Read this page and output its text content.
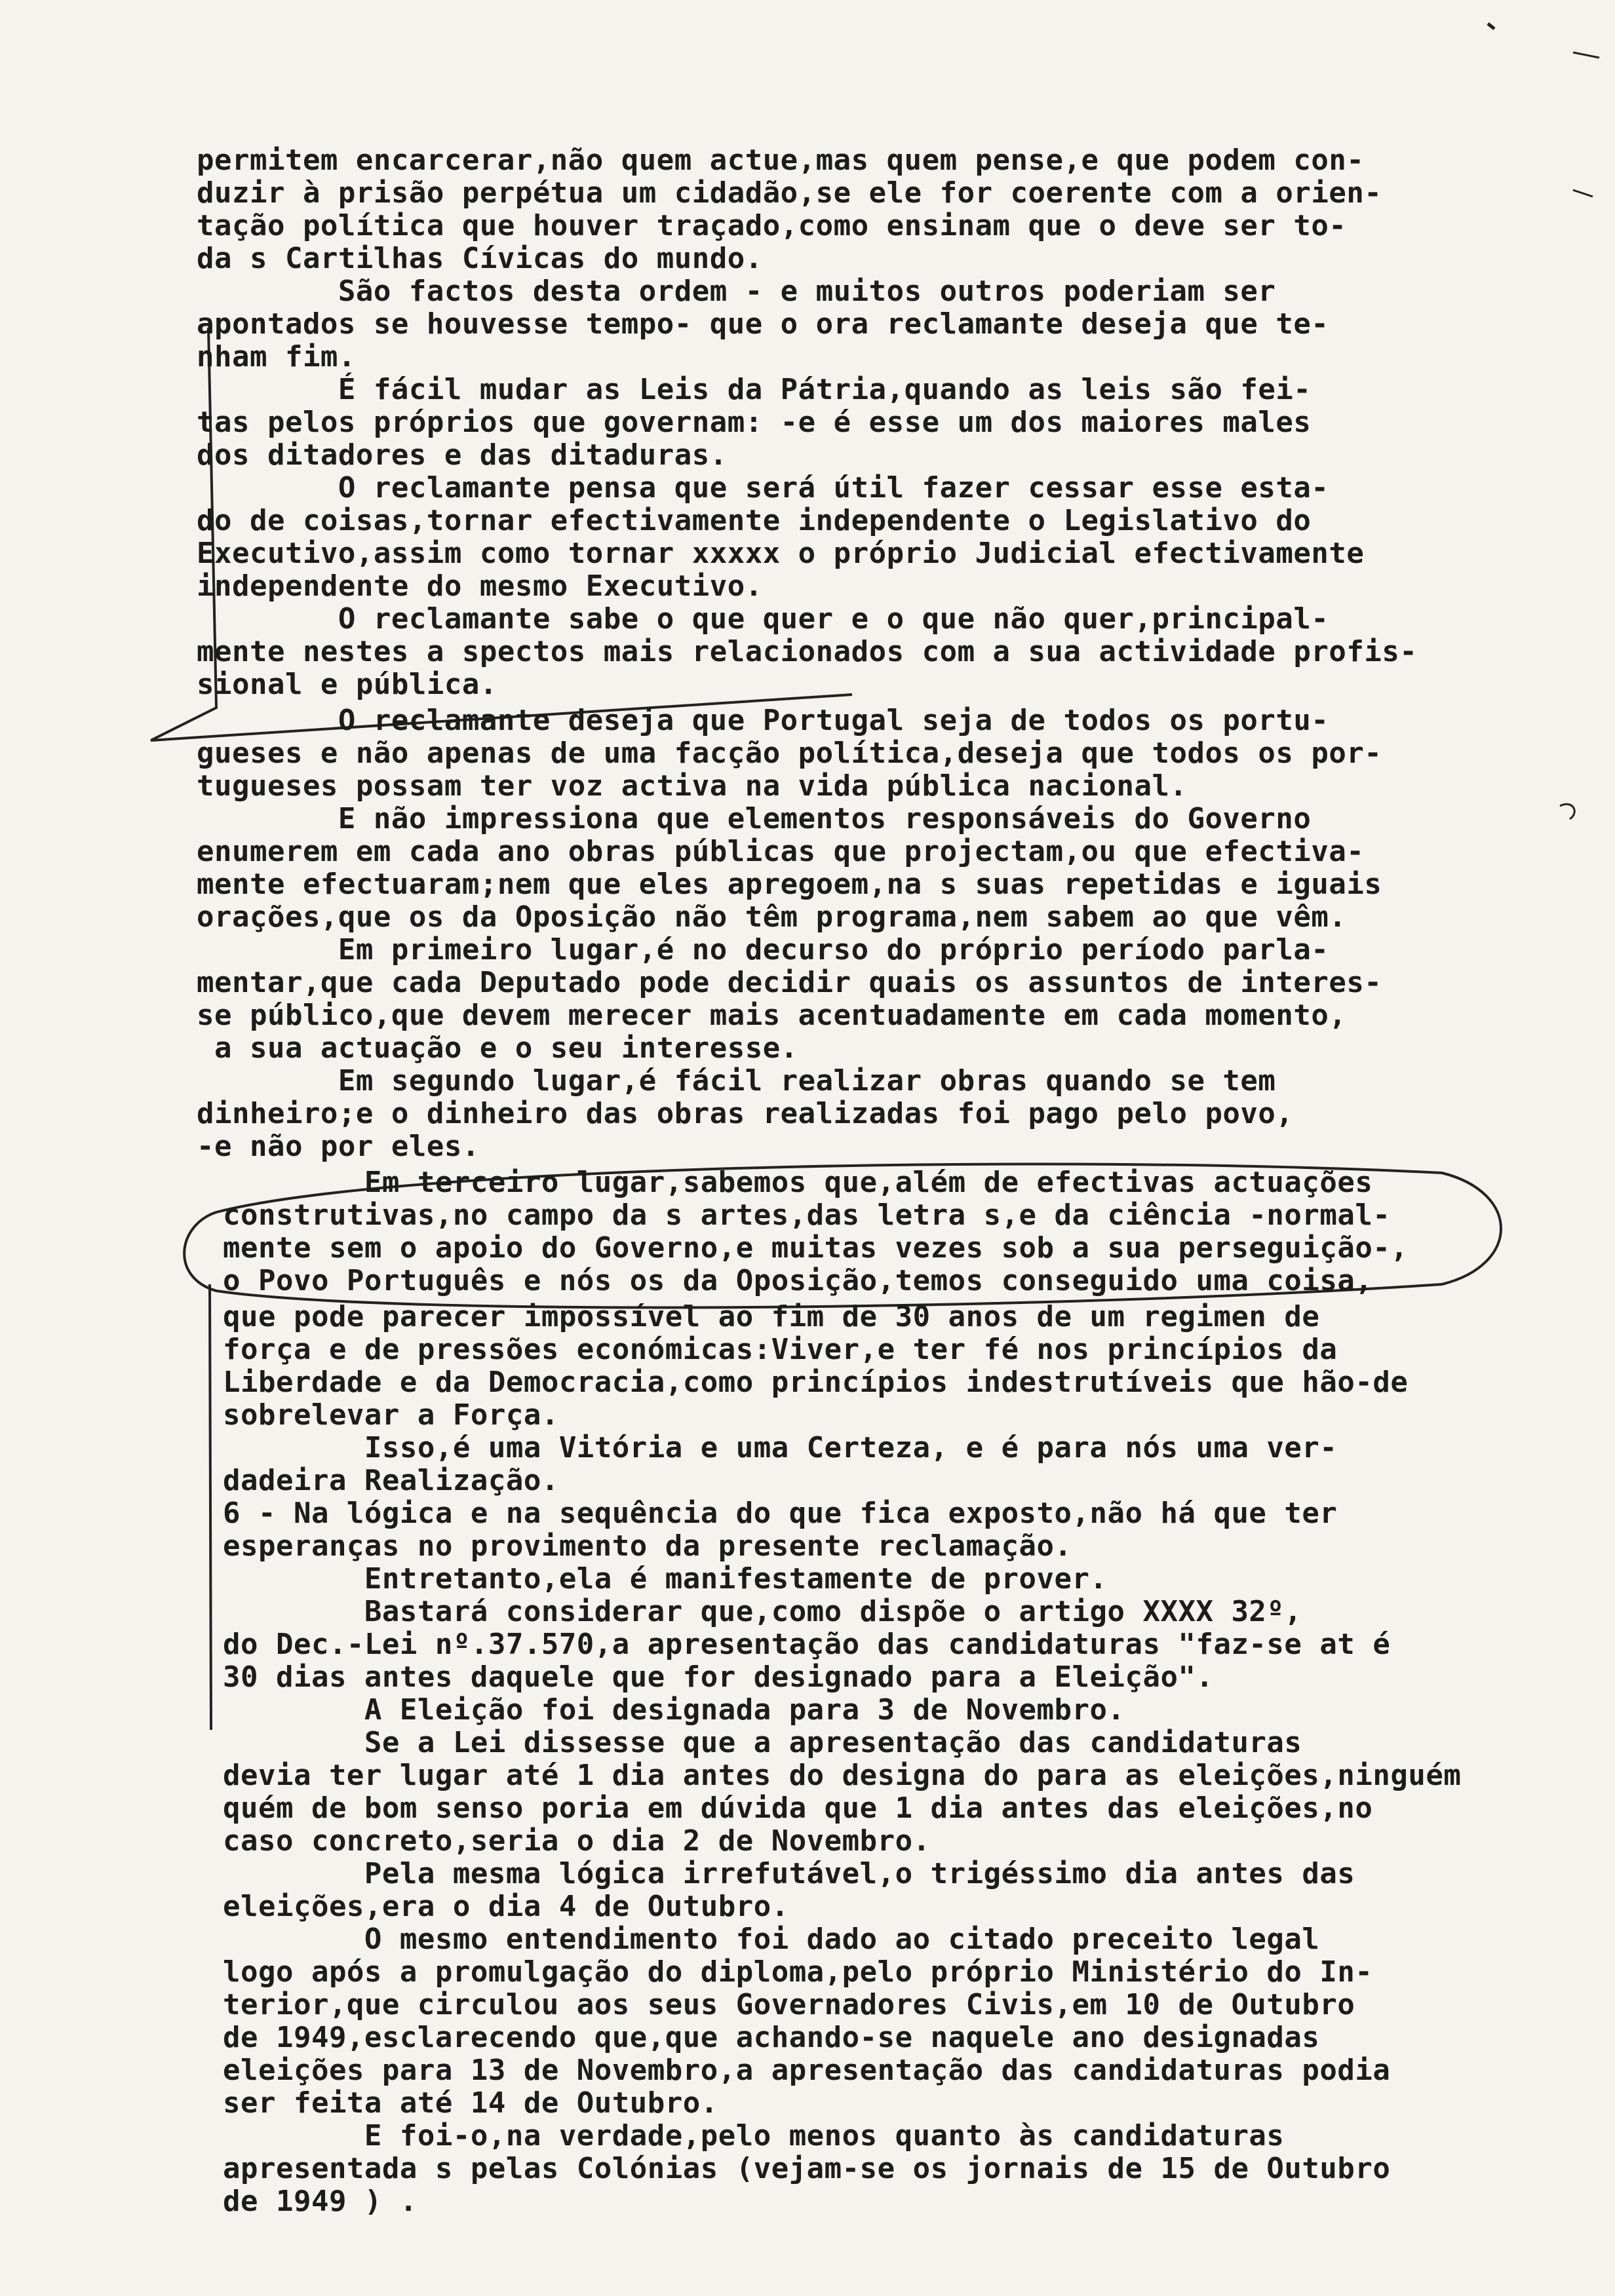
permitem encarcerar,não quem actue,mas quem pense,e que podem con-
duzir à prisão perpétua um cidadão,se ele for coerente com a orien-
tação política que houver traçado,como ensinam que o deve ser to-
da s Cartilhas Cívicas do mundo.
São factos desta ordem - e muitos outros poderiam ser
apontados se houvesse tempo- que o ora reclamante deseja que te-
nham fim.
É fácil mudar as Leis da Pátria,quando as leis são fei-
tas pelos próprios que governam: -e é esse um dos maiores males
dos ditadores e das ditaduras.
O reclamante pensa que será útil fazer cessar esse esta-
do de coisas,tornar efectivamente independente o Legislativo do
Executivo,assim como tornar xxxxx o próprio Judicial efectivamente
independente do mesmo Executivo.
O reclamante sabe o que quer e o que não quer,principal-
mente nestes a spectos mais relacionados com a sua actividade profis-
sional e pública.
O reclamante deseja que Portugal seja de todos os portu-
gueses e não apenas de uma facção política,deseja que todos os por-
tugueses possam ter voz activa na vida pública nacional.
E não impressiona que elementos responsáveis do Governo
enumerem em cada ano obras públicas que projectam,ou que efectiva-
mente efectuaram;nem que eles apregoem,na s suas repetidas e iguais
orações,que os da Oposição não têm programa,nem sabem ao que vêm.
Em primeiro lugar,é no decurso do próprio período parla-
mentar,que cada Deputado pode decidir quais os assuntos de interes-
se público,que devem merecer mais acentuadamente em cada momento,
a sua actuação e o seu interesse.
Em segundo lugar,é fácil realizar obras quando se tem
dinheiro;e o dinheiro das obras realizadas foi pago pelo povo,
-e não por eles.
Em terceiro lugar,sabemos que,além de efectivas actuações
construtivas,no campo da s artes,das letra s,e da ciência -normal-
mente sem o apoio do Governo,e muitas vezes sob a sua perseguição-,
o Povo Português e nós os da Oposição,temos conseguido uma coisa,
que pode parecer impossível ao fim de 30 anos de um regimen de
força e de pressões económicas:Viver,e ter fé nos princípios da
Liberdade e da Democracia,como princípios indestrutíveis que hão-de
sobrelevar a Força.
Isso,é uma Vitória e uma Certeza, e é para nós uma ver-
dadeira Realização.
6 - Na lógica e na sequência do que fica exposto,não há que ter
esperanças no provimento da presente reclamação.
Entretanto,ela é manifestamente de prover.
Bastará considerar que,como dispõe o artigo XXXX 32º,
do Dec.-Lei nº.37.570,a apresentação das candidaturas "faz-se at é
30 dias antes daquele que for designado para a Eleição".
A Eleição foi designada para 3 de Novembro.
Se a Lei dissesse que a apresentação das candidaturas
devia ter lugar até 1 dia antes do designa do para as eleições,ninguém
quém de bom senso poria em dúvida que 1 dia antes das eleições,no
caso concreto,seria o dia 2 de Novembro.
Pela mesma lógica irrefutável,o trigéssimo dia antes das
eleições,era o dia 4 de Outubro.
O mesmo entendimento foi dado ao citado preceito legal
logo após a promulgação do diploma,pelo próprio Ministério do In-
terior,que circulou aos seus Governadores Civis,em 10 de Outubro
de 1949,esclarecendo que,que achando-se naquele ano designadas
eleições para 13 de Novembro,a apresentação das candidaturas podia
ser feita até 14 de Outubro.
E foi-o,na verdade,pelo menos quanto às candidaturas
apresentada s pelas Colónias (vejam-se os jornais de 15 de Outubro
de 1949 ) .
